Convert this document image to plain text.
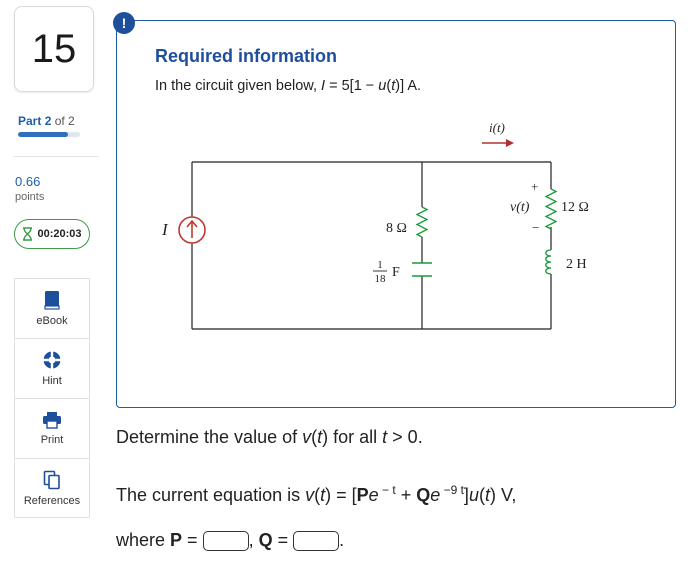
15
Part 2 of 2
0.66
points
00:20:03
eBook
Hint
Print
References
!
Required information
In the circuit given below, I = 5[1 − u(t)] A.
I	8 Ω
1
18 F
12 Ω
+
v(t)
−
2 H
i(t)
Determine the value of v(t) for all t > 0.
The current equation is v(t) = [Pe $^{- t}$ + Qe $^{-9 t}$]u(t) V,
where P =	, Q =	.
